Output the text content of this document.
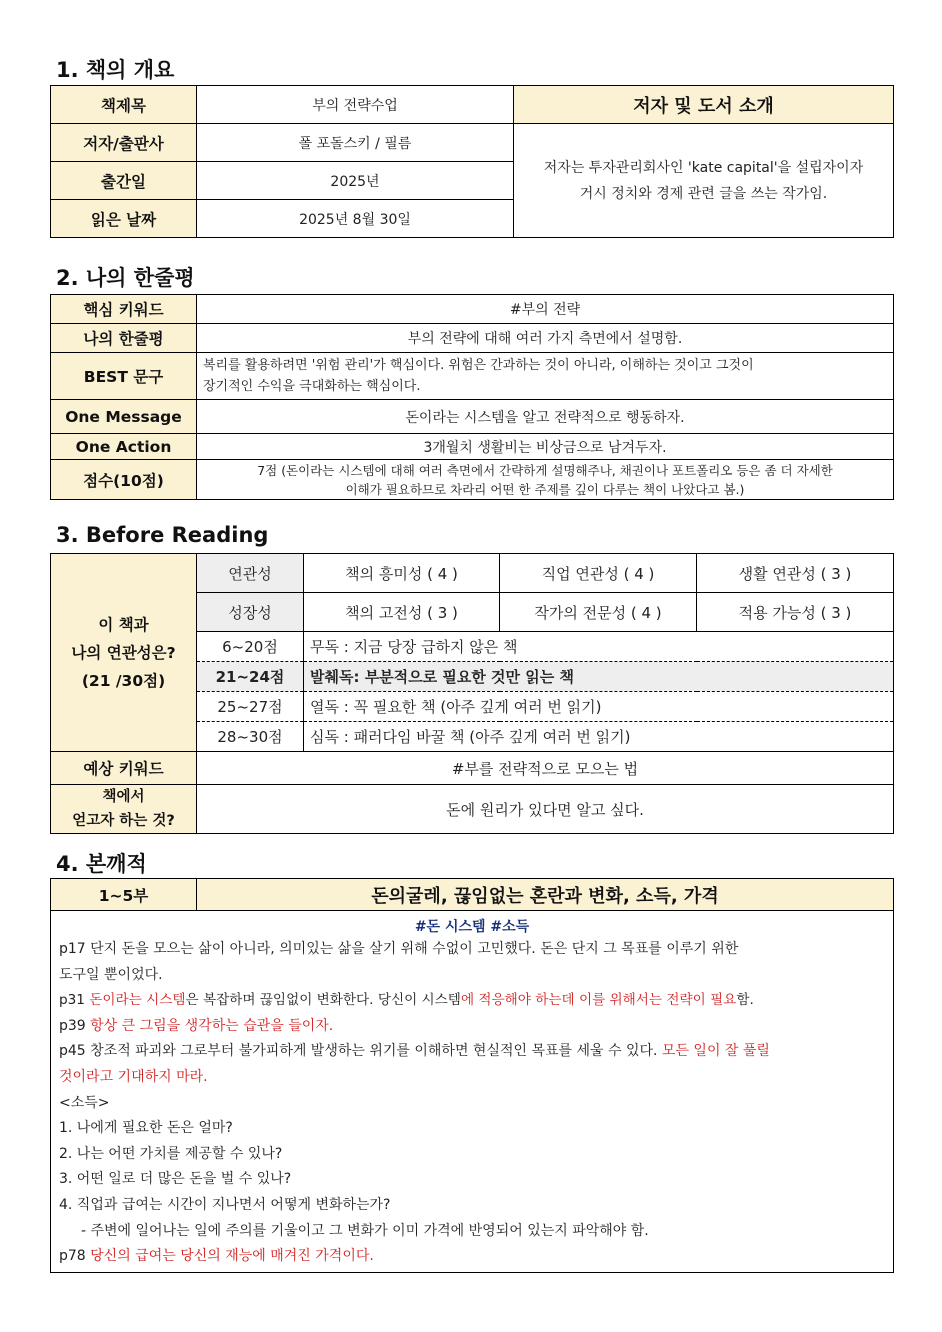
1. 책의 개요
책제목	부의 전략수업	저자 및 도서 소개
저자/출판사	폴 포돌스키 / 필름	저자는 투자관리회사인 'kate capital'을 설립자이자
거시 정치와 경제 관련 글을 쓰는 작가임.

출간일	2025년	
읽은 날짜	2025년 8월 30일	
2. 나의 한줄평
핵심 키워드	#부의 전략
나의 한줄평	부의 전략에 대해 여러 가지 측면에서 설명함.
BEST 문구	복리를 활용하려면 '위험 관리'가 핵심이다. 위험은 간과하는 것이 아니라, 이해하는 것이고 그것이
장기적인 수익을 극대화하는 핵심이다.

One Message	돈이라는 시스템을 알고 전략적으로 행동하자.
One Action	3개월치 생활비는 비상금으로 남겨두자.
점수(10점)	7점 (돈이라는 시스템에 대해 여러 측면에서 간략하게 설명해주나, 채권이나 포트폴리오 등은 좀 더 자세한
이해가 필요하므로 차라리 어떤 한 주제를 깊이 다루는 책이 나았다고 봄.)
3. Before Reading
이 책과
나의 연관성은?
(21 /30점)	연관성	책의 흥미성 ( 4 )	직업 연관성 ( 4 )	생활 연관성 ( 3 )
	성장성	책의 고전성 ( 3 )	작가의 전문성 ( 4 )	적용 가능성 ( 3 )
	6~20점	무독 : 지금 당장 급하지 않은 책		
	21~24점	발췌독: 부분적으로 필요한 것만 읽는 책		
	25~27점	열독 : 꼭 필요한 책 (아주 깊게 여러 번 읽기)		
	28~30점	심독 : 패러다임 바꿀 책 (아주 깊게 여러 번 읽기)		
예상 키워드	#부를 전략적으로 모으는 법			

책에서
얻고자 하는 것?	돈에 원리가 있다면 알고 싶다.			
4. 본깨적
1~5부	돈의굴레, 끊임없는 혼란과 변화, 소득, 가격

#돈 시스템 #소득

p17 단지 돈을 모으는 삶이 아니라, 의미있는 삶을 살기 위해 수없이 고민했다. 돈은 단지 그 목표를 이루기 위한

도구일 뿐이었다.

p31 돈이라는 시스템은 복잡하며 끊임없이 변화한다. 당신이 시스템에 적응해야 하는데 이를 위해서는 전략이 필요함.

p39 항상 큰 그림을 생각하는 습관을 들이자.

p45 창조적 파괴와 그로부터 불가피하게 발생하는 위기를 이해하면 현실적인 목표를 세울 수 있다. 모든 일이 잘 풀릴

것이라고 기대하지 마라.

<소득>

1. 나에게 필요한 돈은 얼마?

2. 나는 어떤 가치를 제공할 수 있나?

3. 어떤 일로 더 많은 돈을 벌 수 있나?

4. 직업과 급여는 시간이 지나면서 어떻게 변화하는가?

- 주변에 일어나는 일에 주의를 기울이고 그 변화가 이미 가격에 반영되어 있는지 파악해야 함.

p78 당신의 급여는 당신의 재능에 매겨진 가격이다.
